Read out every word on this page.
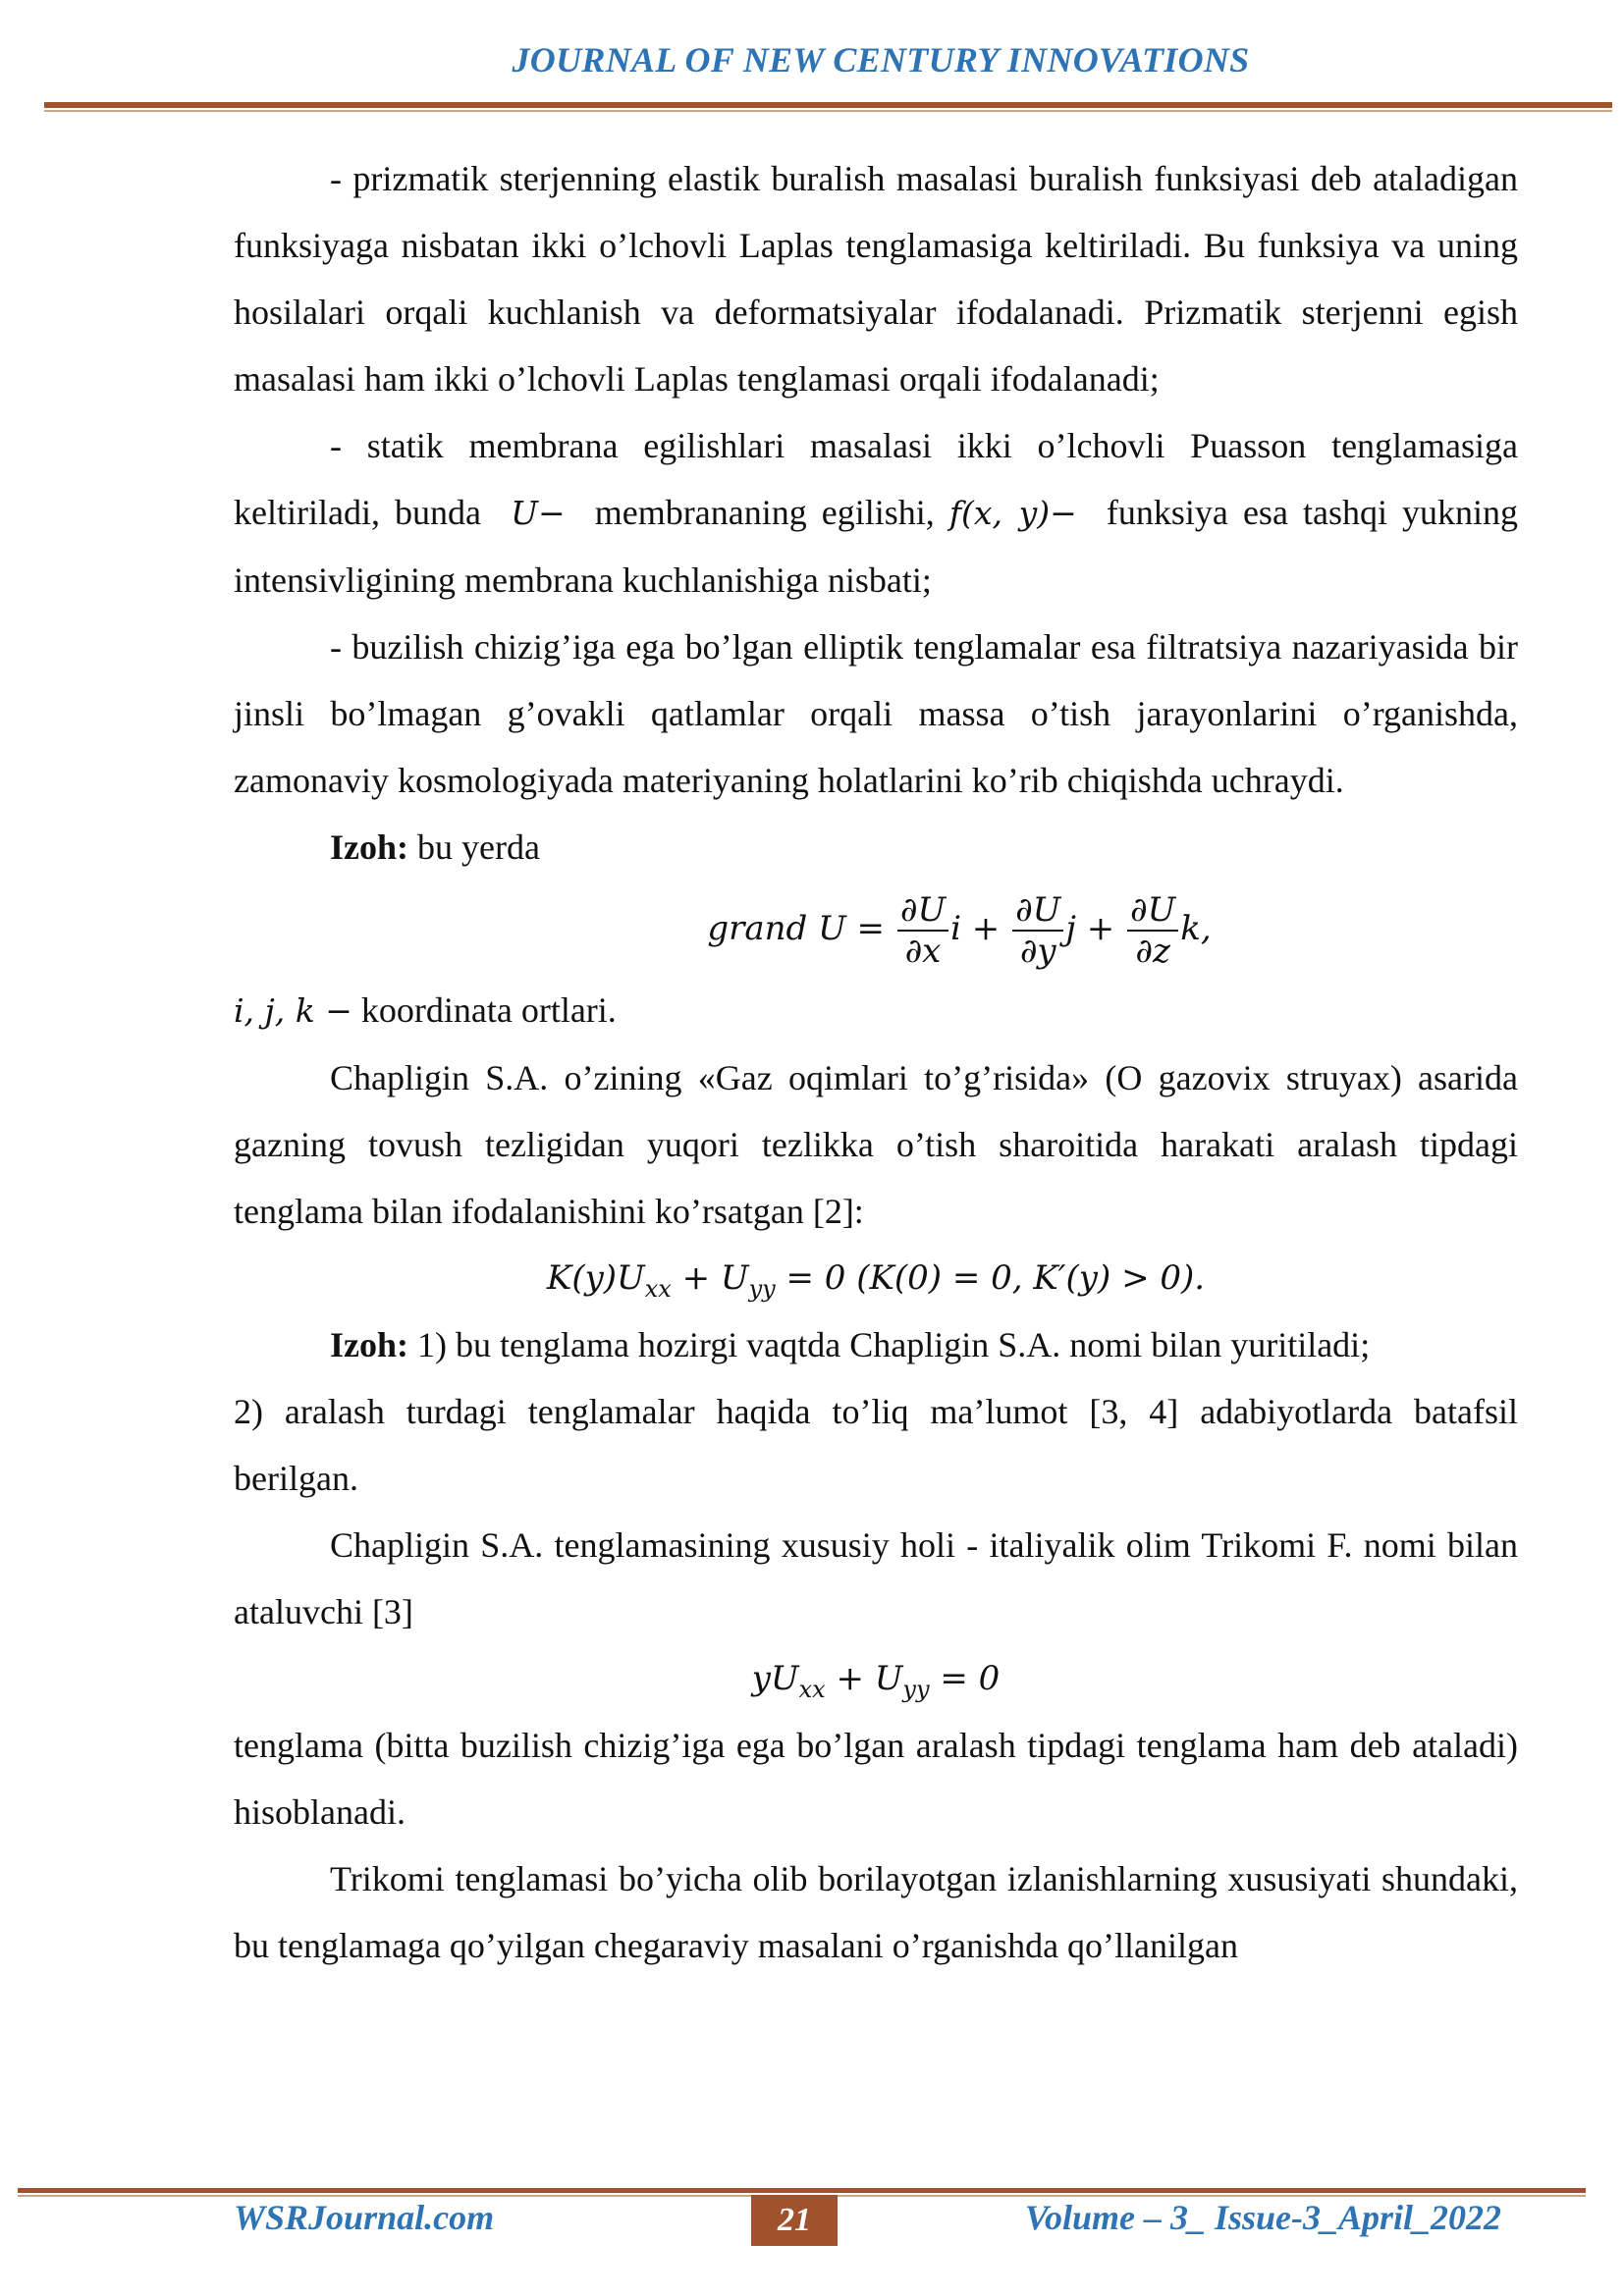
JOURNAL OF NEW CENTURY INNOVATIONS

- prizmatik sterjenning elastik buralish masalasi buralish funksiyasi deb ataladigan funksiyaga nisbatan ikki o’lchovli Laplas tenglamasiga keltiriladi. Bu funksiya va uning hosilalari orqali kuchlanish va deformatsiyalar ifodalanadi. Prizmatik sterjenni egish masalasi ham ikki o’lchovli Laplas tenglamasi orqali ifodalanadi;

- statik membrana egilishlari masalasi ikki o’lchovli Puasson tenglamasiga keltiriladi, bunda U− membrananing egilishi, f(x, y)− funksiya esa tashqi yukning intensivligining membrana kuchlanishiga nisbati;

- buzilish chizig’iga ega bo’lgan elliptik tenglamalar esa filtratsiya nazariyasida bir jinsli bo’lmagan g’ovakli qatlamlar orqali massa o’tish jarayonlarini o’rganishda, zamonaviy kosmologiyada materiyaning holatlarini ko’rib chiqishda uchraydi.

Izoh: bu yerda

grand $U = \frac{\partial U}{\partial x}$ $i + \frac{\partial U}{\partial y}$ $j + \frac{\partial U}{\partial z} k$,

i, j, k − koordinata ortlari.

Chapligin S.A. o’zining «Gaz oqimlari to’g’risida» (O gazovix struyax) asarida gazning tovush tezligidan yuqori tezlikka o’tish sharoitida harakati aralash tipdagi tenglama bilan ifodalanishini ko’rsatgan [2]:

$K(y)U_{xx} + U_{yy} = 0$ (K(0) = 0, K′(y) > 0).

Izoh: 1) bu tenglama hozirgi vaqtda Chapligin S.A. nomi bilan yuritiladi;

2) aralash turdagi tenglamalar haqida to’liq ma’lumot [3, 4] adabiyotlarda batafsil berilgan.

Chapligin S.A. tenglamasining xususiy holi - italiyalik olim Trikomi F. nomi bilan ataluvchi [3]

$yU_{xx} + U_{yy} = 0$

tenglama (bitta buzilish chizig’iga ega bo’lgan aralash tipdagi tenglama ham deb ataladi) hisoblanadi.

Trikomi tenglamasi bo’yicha olib borilayotgan izlanishlarning xususiyati shundaki, bu tenglamaga qo’yilgan chegaraviy masalani o’rganishda qo’llanilgan

WSRJournal.com	21	Volume – 3_ Issue-3_April_2022
